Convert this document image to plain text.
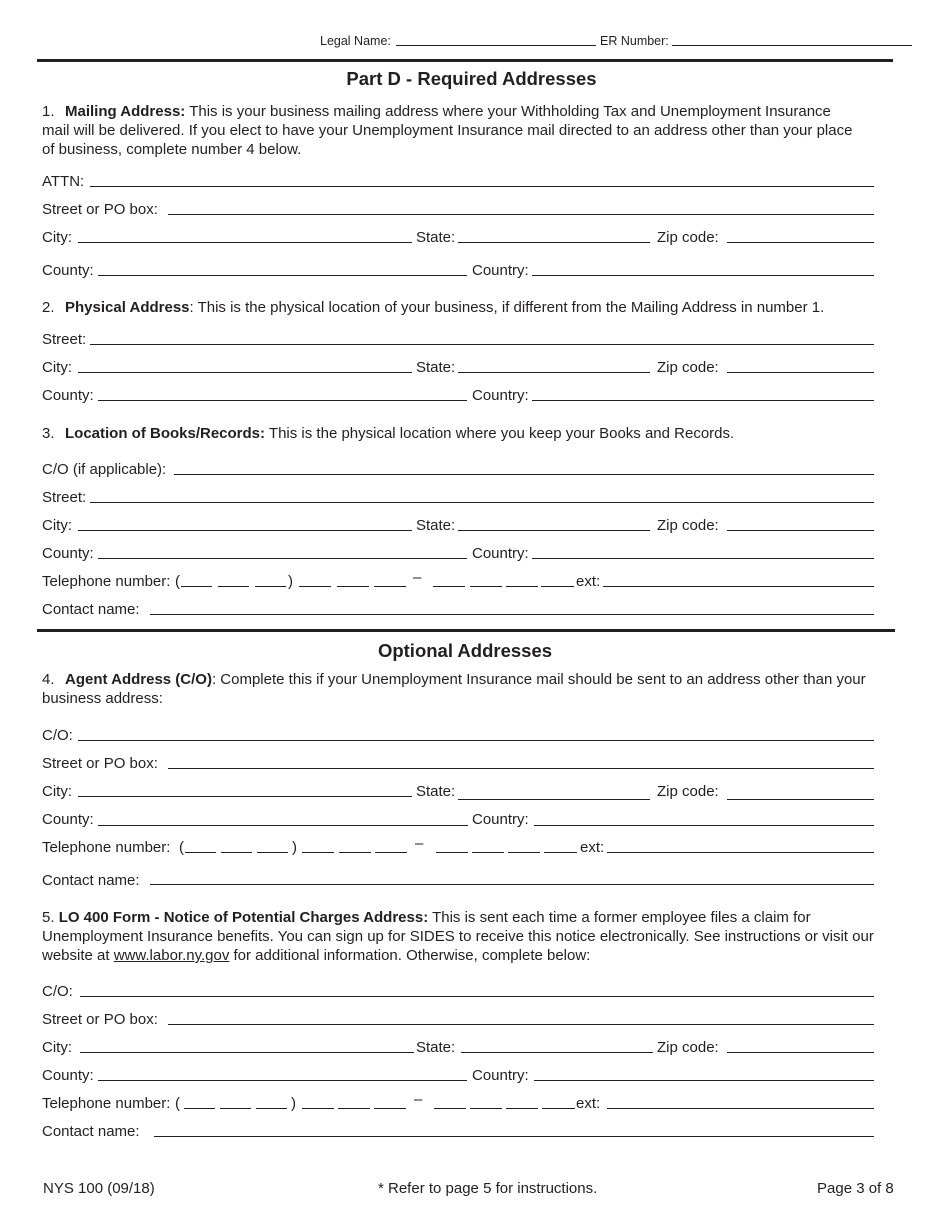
Legal Name:	ER Number:
Part D - Required Addresses
1. Mailing Address: This is your business mailing address where your Withholding Tax and Unemployment Insurance mail will be delivered. If you elect to have your Unemployment Insurance mail directed to an address other than your place of business, complete number 4 below.
ATTN:
Street or PO box:
City:	State:	Zip code:
County:	Country:
2. Physical Address: This is the physical location of your business, if different from the Mailing Address in number 1.
Street:
City:	State:	Zip code:
County:	Country:
3. Location of Books/Records: This is the physical location where you keep your Books and Records.
C/O (if applicable):
Street:
City:	State:	Zip code:
County:	Country:
Telephone number: (	)	–	ext:
Contact name:
Optional Addresses
4. Agent Address (C/O): Complete this if your Unemployment Insurance mail should be sent to an address other than your business address:
C/O:
Street or PO box:
City:	State:	Zip code:
County:	Country:
Telephone number: (	)	–	ext:
Contact name:
5. LO 400 Form - Notice of Potential Charges Address: This is sent each time a former employee files a claim for Unemployment Insurance benefits. You can sign up for SIDES to receive this notice electronically. See instructions or visit our website at www.labor.ny.gov for additional information. Otherwise, complete below:
C/O:
Street or PO box:
City:	State:	Zip code:
County:	Country:
Telephone number: (	)	–	ext:
Contact name:
NYS 100 (09/18)	* Refer to page 5 for instructions.	Page 3 of 8
